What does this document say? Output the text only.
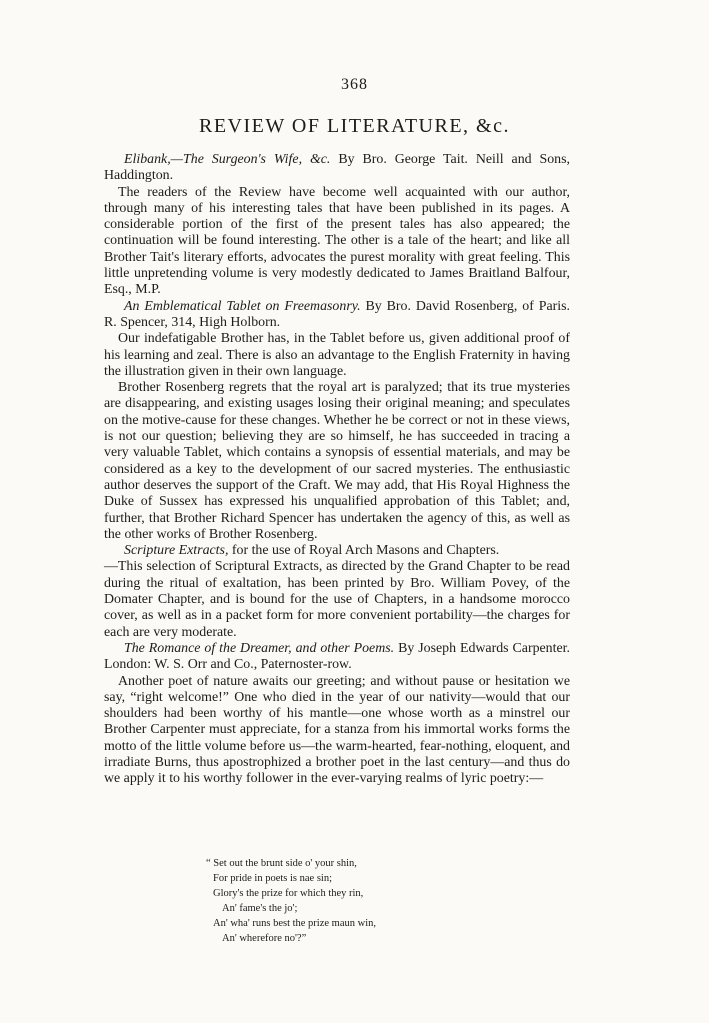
368
REVIEW OF LITERATURE, &c.

Elibank,—The Surgeon's Wife, &c. By Bro. George Tait. Neill and Sons, Haddington.

The readers of the Review have become well acquainted with our author, through many of his interesting tales that have been published in its pages. A considerable portion of the first of the present tales has also appeared; the continuation will be found interesting. The other is a tale of the heart; and like all Brother Tait's literary efforts, advocates the purest morality with great feeling. This little unpretending volume is very modestly dedicated to James Braitland Balfour, Esq., M.P.

An Emblematical Tablet on Freemasonry. By Bro. David Rosenberg, of Paris. R. Spencer, 314, High Holborn.

Our indefatigable Brother has, in the Tablet before us, given additional proof of his learning and zeal. There is also an advantage to the English Fraternity in having the illustration given in their own language.

Brother Rosenberg regrets that the royal art is paralyzed; that its true mysteries are disappearing, and existing usages losing their original meaning; and speculates on the motive-cause for these changes. Whether he be correct or not in these views, is not our question; believing they are so himself, he has succeeded in tracing a very valuable Tablet, which contains a synopsis of essential materials, and may be considered as a key to the development of our sacred mysteries. The enthusiastic author deserves the support of the Craft. We may add, that His Royal Highness the Duke of Sussex has expressed his unqualified approbation of this Tablet; and, further, that Brother Richard Spencer has undertaken the agency of this, as well as the other works of Brother Rosenberg.

Scripture Extracts, for the use of Royal Arch Masons and Chapters.

—This selection of Scriptural Extracts, as directed by the Grand Chapter to be read during the ritual of exaltation, has been printed by Bro. William Povey, of the Domater Chapter, and is bound for the use of Chapters, in a handsome morocco cover, as well as in a packet form for more convenient portability—the charges for each are very moderate.

The Romance of the Dreamer, and other Poems. By Joseph Edwards Carpenter. London: W. S. Orr and Co., Paternoster-row.

Another poet of nature awaits our greeting; and without pause or hesitation we say, “right welcome!” One who died in the year of our nativity—would that our shoulders had been worthy of his mantle—one whose worth as a minstrel our Brother Carpenter must appreciate, for a stanza from his immortal works forms the motto of the little volume before us—the warm-hearted, fear-nothing, eloquent, and irradiate Burns, thus apostrophized a brother poet in the last century—and thus do we apply it to his worthy follower in the ever-varying realms of lyric poetry:—

“ Set out the brunt side o' your shin,
For pride in poets is nae sin;
Glory's the prize for which they rin,
An' fame's the jo';
An' wha' runs best the prize maun win,
An' wherefore no'?”
